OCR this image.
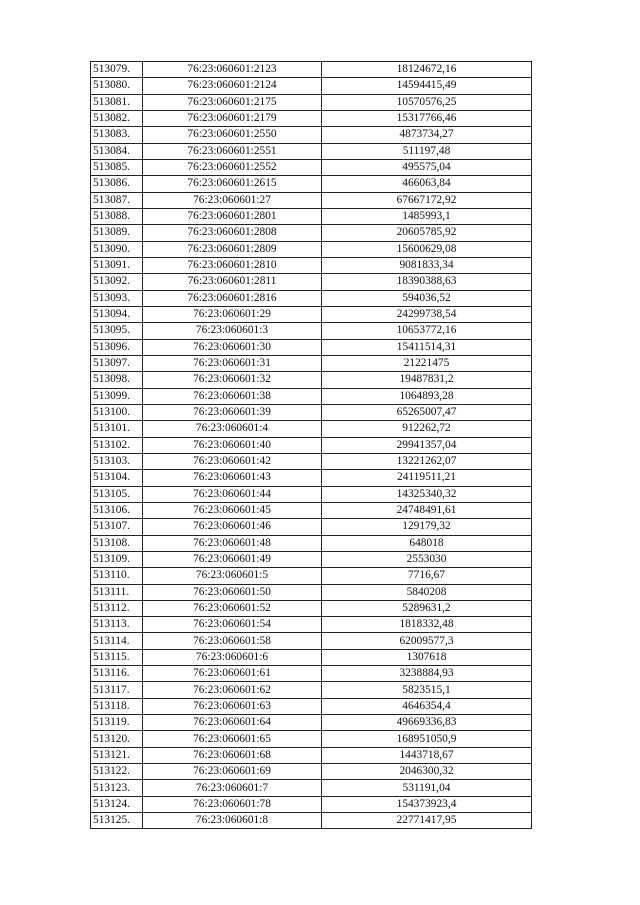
513079.	76:23:060601:2123	18124672,16
513080.	76:23:060601:2124	14594415,49
513081.	76:23:060601:2175	10570576,25
513082.	76:23:060601:2179	15317766,46
513083.	76:23:060601:2550	4873734,27
513084.	76:23:060601:2551	511197,48
513085.	76:23:060601:2552	495575,04
513086.	76:23:060601:2615	466063,84
513087.	76:23:060601:27	67667172,92
513088.	76:23:060601:2801	1485993,1
513089.	76:23:060601:2808	20605785,92
513090.	76:23:060601:2809	15600629,08
513091.	76:23:060601:2810	9081833,34
513092.	76:23:060601:2811	18390388,63
513093.	76:23:060601:2816	594036,52
513094.	76:23:060601:29	24299738,54
513095.	76:23:060601:3	10653772,16
513096.	76:23:060601:30	15411514,31
513097.	76:23:060601:31	21221475
513098.	76:23:060601:32	19487831,2
513099.	76:23:060601:38	1064893,28
513100.	76:23:060601:39	65265007,47
513101.	76:23:060601:4	912262,72
513102.	76:23:060601:40	29941357,04
513103.	76:23:060601:42	13221262,07
513104.	76:23:060601:43	24119511,21
513105.	76:23:060601:44	14325340,32
513106.	76:23:060601:45	24748491,61
513107.	76:23:060601:46	129179,32
513108.	76:23:060601:48	648018
513109.	76:23:060601:49	2553030
513110.	76:23:060601:5	7716,67
513111.	76:23:060601:50	5840208
513112.	76:23:060601:52	5289631,2
513113.	76:23:060601:54	1818332,48
513114.	76:23:060601:58	62009577,3
513115.	76:23:060601:6	1307618
513116.	76:23:060601:61	3238884,93
513117.	76:23:060601:62	5823515,1
513118.	76:23:060601:63	4646354,4
513119.	76:23:060601:64	49669336,83
513120.	76:23:060601:65	168951050,9
513121.	76:23:060601:68	1443718,67
513122.	76:23:060601:69	2046300,32
513123.	76:23:060601:7	531191,04
513124.	76:23:060601:78	154373923,4
513125.	76:23:060601:8	22771417,95
